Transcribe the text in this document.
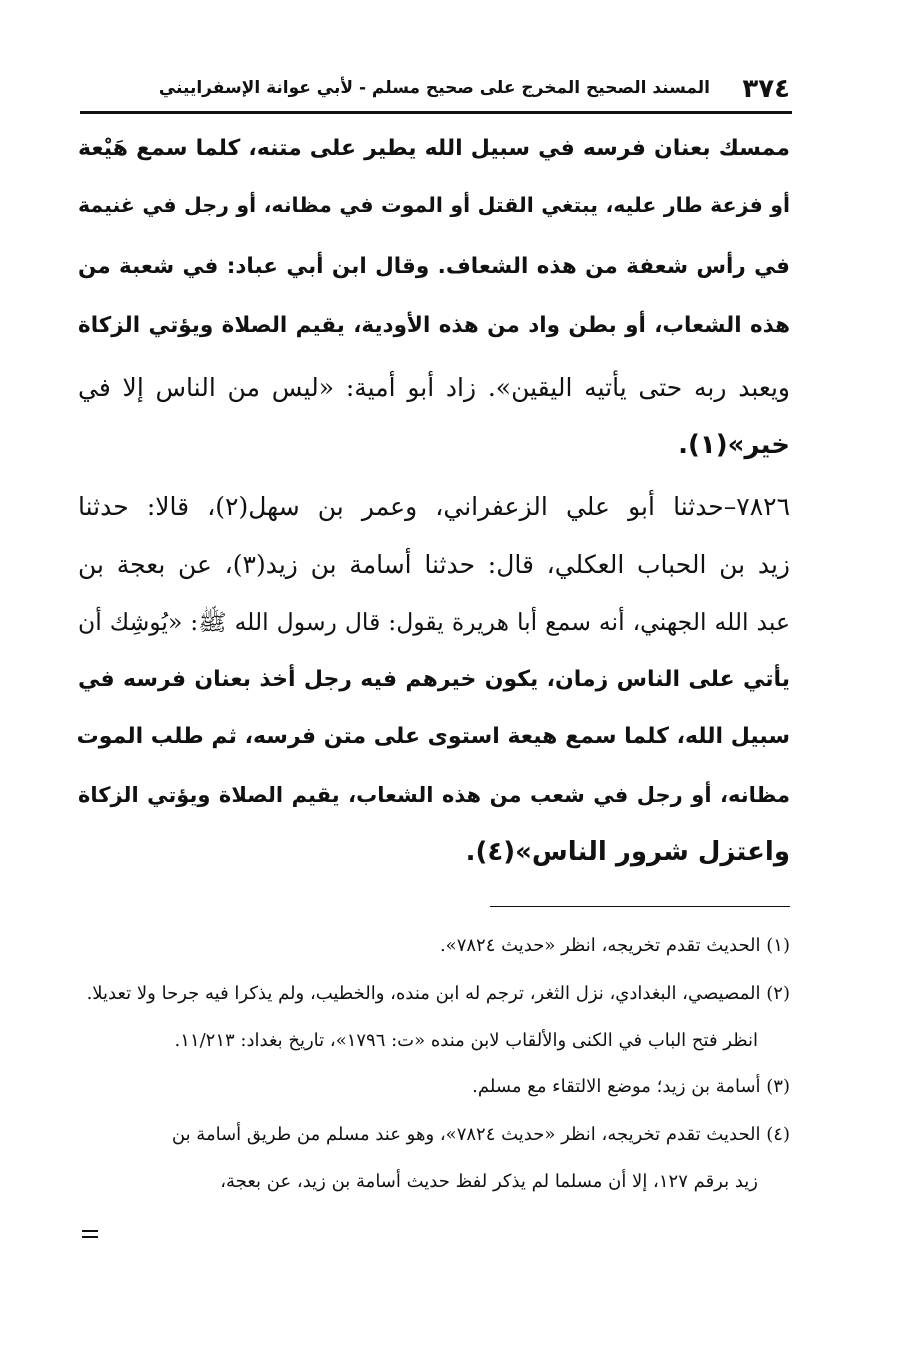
٣٧٤
المسند الصحيح المخرج على صحيح مسلم - لأبي عوانة الإسفراييني
ممسك بعنان فرسه في سبيل الله يطير على متنه، كلما سمع هَيْعة
أو فزعة طار عليه، يبتغي القتل أو الموت في مظانه، أو رجل في غنيمة
في رأس شعفة من هذه الشعاف. وقال ابن أبي عباد: في شعبة من
هذه الشعاب، أو بطن واد من هذه الأودية، يقيم الصلاة ويؤتي الزكاة
ويعبد ربه حتى يأتيه اليقين». زاد أبو أمية: «ليس من الناس إلا في
خير»(١).
٧٨٢٦–حدثنا أبو علي الزعفراني، وعمر بن سهل(٢)، قالا: حدثنا
زيد بن الحباب العكلي، قال: حدثنا أسامة بن زيد(٣)، عن بعجة بن
عبد الله الجهني، أنه سمع أبا هريرة يقول: قال رسول الله ﷺ: «يُوشِك أن
يأتي على الناس زمان، يكون خيرهم فيه رجل أخذ بعنان فرسه في
سبيل الله، كلما سمع هيعة استوى على متن فرسه، ثم طلب الموت
مظانه، أو رجل في شعب من هذه الشعاب، يقيم الصلاة ويؤتي الزكاة
واعتزل شرور الناس»(٤).
(١) الحديث تقدم تخريجه، انظر «حديث ٧٨٢٤».
(٢) المصيصي، البغدادي، نزل الثغر، ترجم له ابن منده، والخطيب، ولم يذكرا فيه جرحا ولا تعديلا.
انظر فتح الباب في الكنى والألقاب لابن منده «ت: ١٧٩٦»، تاريخ بغداد: ١١/٢١٣.
(٣) أسامة بن زيد؛ موضع الالتقاء مع مسلم.
(٤) الحديث تقدم تخريجه، انظر «حديث ٧٨٢٤»، وهو عند مسلم من طريق أسامة بن
زيد برقم ١٢٧، إلا أن مسلما لم يذكر لفظ حديث أسامة بن زيد، عن بعجة،
